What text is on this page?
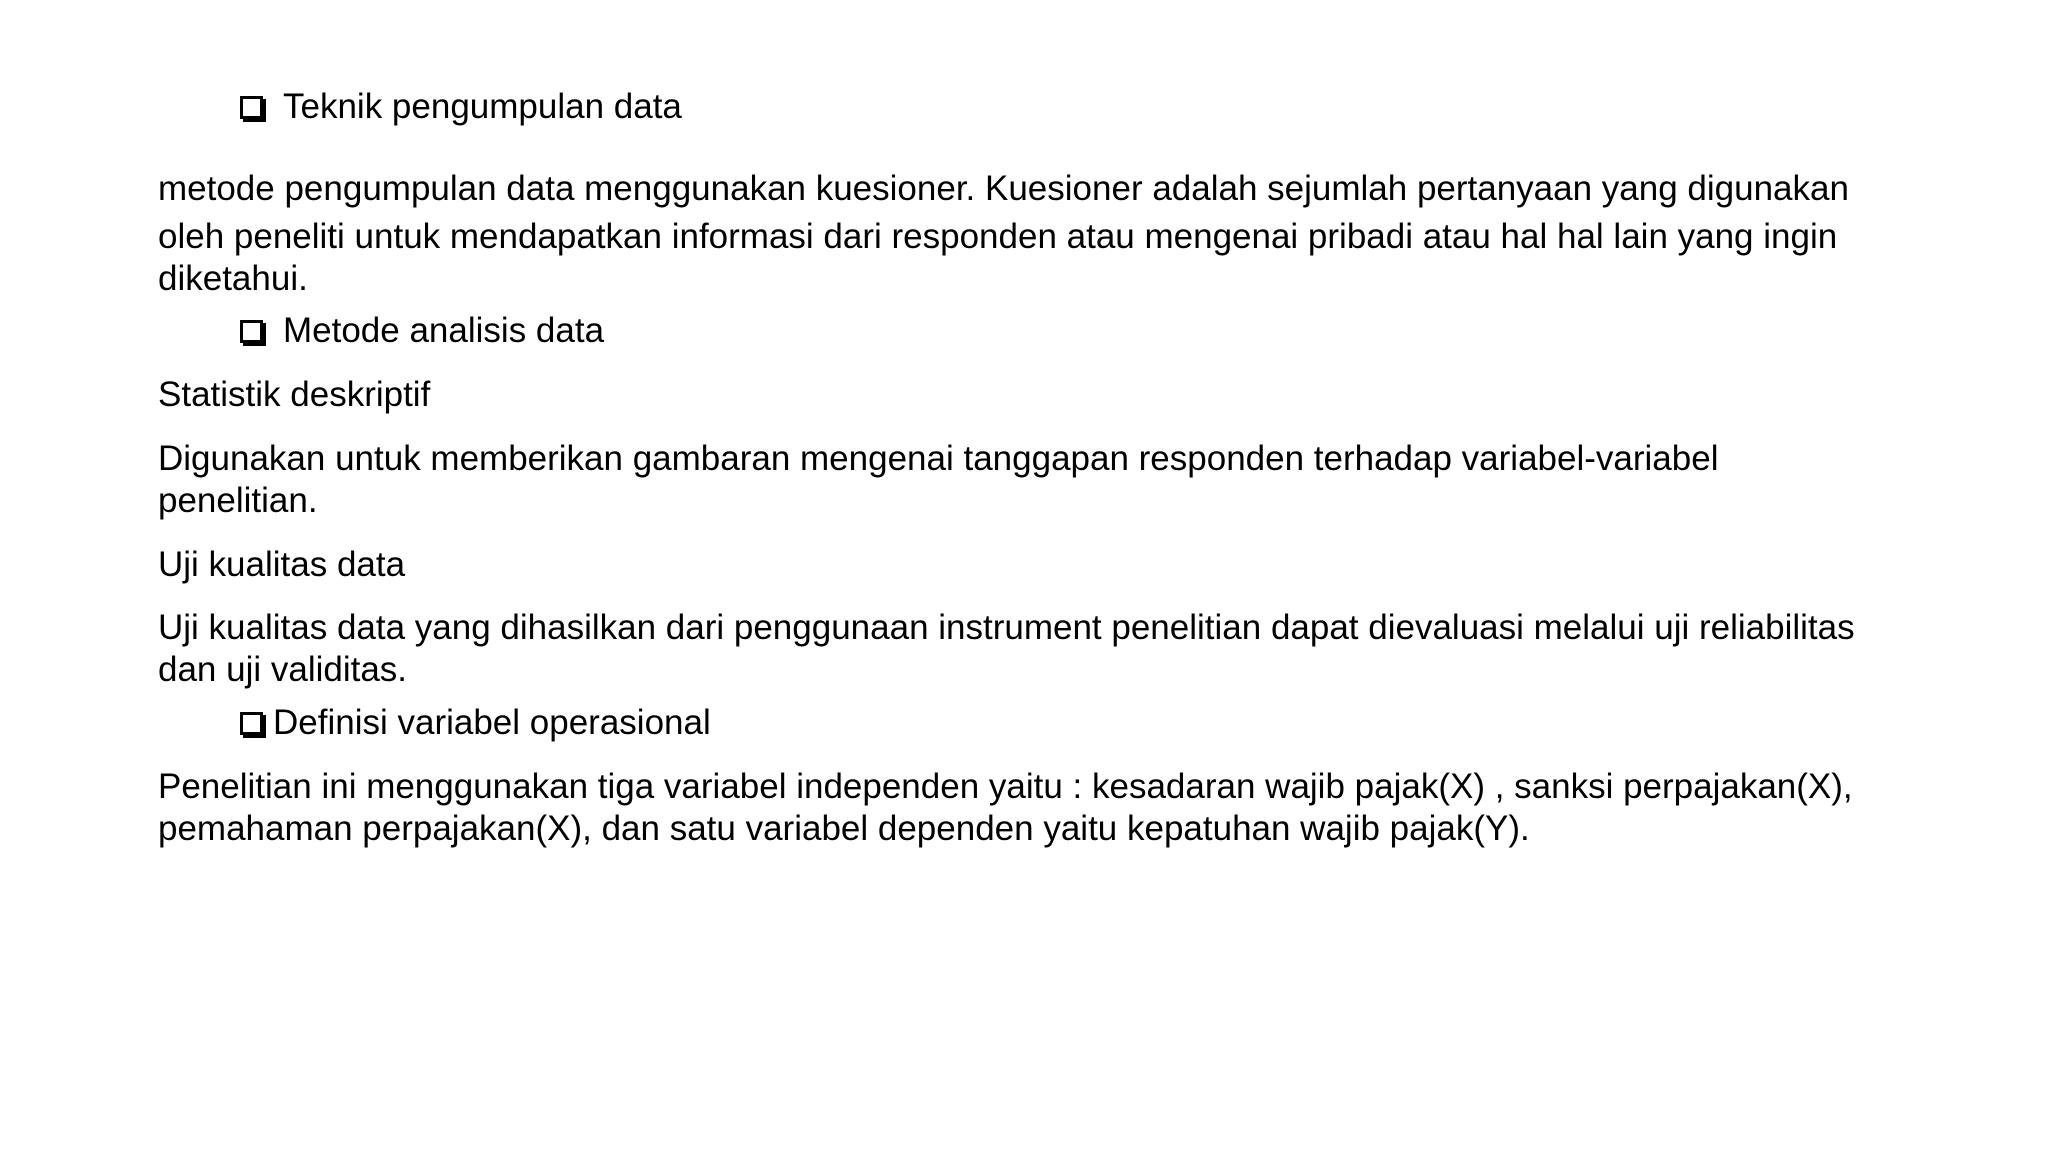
Teknik pengumpulan data
metode pengumpulan data menggunakan kuesioner. Kuesioner adalah sejumlah pertanyaan yang digunakan
oleh peneliti untuk mendapatkan informasi dari responden atau mengenai pribadi atau hal hal lain yang ingin
diketahui.
Metode analisis data
Statistik deskriptif
Digunakan untuk memberikan gambaran mengenai tanggapan responden terhadap variabel-variabel
penelitian.
Uji kualitas data
Uji kualitas data yang dihasilkan dari penggunaan instrument penelitian dapat dievaluasi melalui uji reliabilitas
dan uji validitas.
Definisi variabel operasional
Penelitian ini menggunakan tiga variabel independen yaitu : kesadaran wajib pajak(X) , sanksi perpajakan(X),
pemahaman perpajakan(X), dan satu variabel dependen yaitu kepatuhan wajib pajak(Y).
